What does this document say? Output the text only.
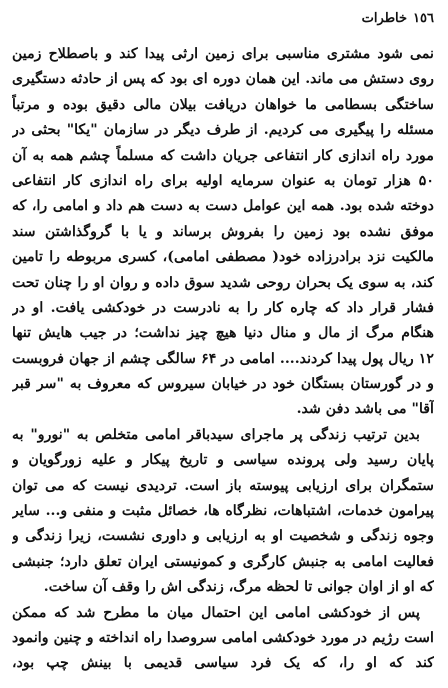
١٥٦
خاطرات
نمی شود مشتری مناسبی برای زمین ارثی پیدا کند و باصطلاح زمین
روی دستش می ماند. این همان دوره ای بود که پس از حادثه دستگیری
ساختگی بسطامی ما خواهان دریافت بیلان مالی دقیق بوده و مرتباً
مسئله را پیگیری می کردیم. از طرف دیگر در سازمان "یکا" بحثی در
مورد راه اندازی کار انتفاعی جریان داشت که مسلماً چشم همه به آن
۵۰ هزار تومان به عنوان سرمایه اولیه برای راه اندازی کار انتفاعی
دوخته شده بود. همه این عوامل دست به دست هم داد و امامی را، که
موفق نشده بود زمین را بفروش برساند و یا با گروگذاشتن سند
مالکیت نزد برادرزاده خود( مصطفی امامی)، کسری مربوطه را تامین
کند، به سوی یک بحران روحی شدید سوق داده و روان او را چنان تحت
فشار قرار داد که چاره کار را به نادرست در خودکشی یافت. او در
هنگام مرگ از مال و منال دنیا هیچ چیز نداشت؛ در جیب هایش تنها
۱۲ ریال پول پیدا کردند.... امامی در ۶۴ سالگی چشم از جهان فروبست
و در گورستان بستگان خود در خیابان سیروس که معروف به "سر قبر
آقا" می باشد دفن شد.
بدین ترتیب زندگی پر ماجرای سیدباقر امامی متخلص به "نورو" به
پایان رسید ولی پرونده سیاسی و تاریخ پیکار و علیه زورگویان و
ستمگران برای ارزیابی پیوسته باز است. تردیدی نیست که می توان
پیرامون خدمات، اشتباهات، نظرگاه ها، خصائل مثبت و منفی و... سایر
وجوه زندگی و شخصیت او به ارزیابی و داوری نشست، زیرا زندگی و
فعالیت امامی به جنبش کارگری و کمونیستی ایران تعلق دارد؛ جنبشی
که او از اوان جوانی تا لحظه مرگ، زندگی اش را وقف آن ساخت.
پس از خودکشی امامی این احتمال میان ما مطرح شد که ممکن
است رژیم در مورد خودکشی امامی سروصدا راه انداخته و چنین وانمود
کند که او را، که یک فرد سیاسی قدیمی با بینش چپ بود،
